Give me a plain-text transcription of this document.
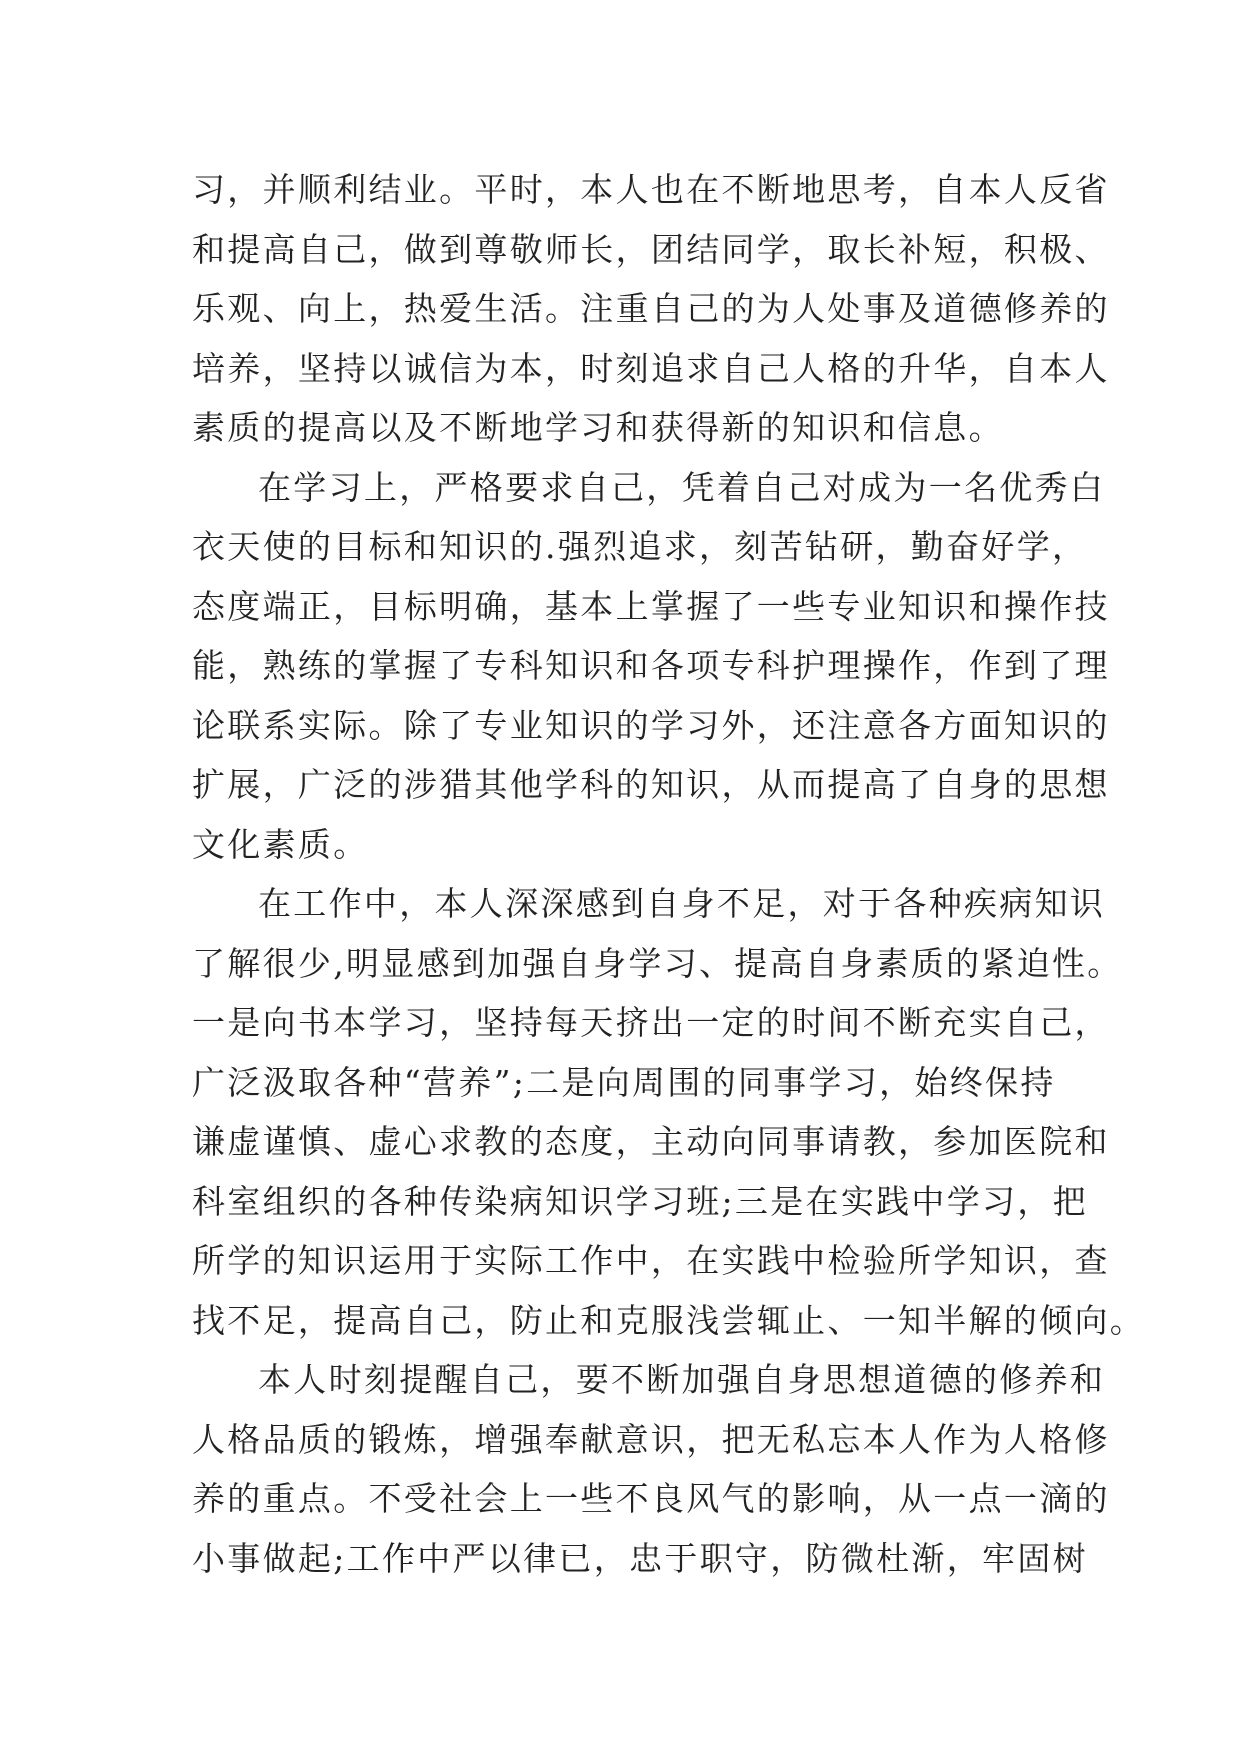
习，并顺利结业。平时，本人也在不断地思考，自本人反省
和提高自己，做到尊敬师长，团结同学，取长补短，积极、
乐观、向上，热爱生活。注重自己的为人处事及道德修养的
培养，坚持以诚信为本，时刻追求自己人格的升华，自本人
素质的提高以及不断地学习和获得新的知识和信息。
在学习上，严格要求自己，凭着自己对成为一名优秀白
衣天使的目标和知识的.强烈追求，刻苦钻研，勤奋好学，
态度端正，目标明确，基本上掌握了一些专业知识和操作技
能，熟练的掌握了专科知识和各项专科护理操作，作到了理
论联系实际。除了专业知识的学习外，还注意各方面知识的
扩展，广泛的涉猎其他学科的知识，从而提高了自身的思想
文化素质。
在工作中，本人深深感到自身不足，对于各种疾病知识
了解很少,明显感到加强自身学习、提高自身素质的紧迫性。
一是向书本学习，坚持每天挤出一定的时间不断充实自己，
广泛汲取各种“营养”;二是向周围的同事学习，始终保持
谦虚谨慎、虚心求教的态度，主动向同事请教，参加医院和
科室组织的各种传染病知识学习班;三是在实践中学习，把
所学的知识运用于实际工作中，在实践中检验所学知识，查
找不足，提高自己，防止和克服浅尝辄止、一知半解的倾向。
本人时刻提醒自己，要不断加强自身思想道德的修养和
人格品质的锻炼，增强奉献意识，把无私忘本人作为人格修
养的重点。不受社会上一些不良风气的影响，从一点一滴的
小事做起;工作中严以律已，忠于职守，防微杜渐，牢固树
